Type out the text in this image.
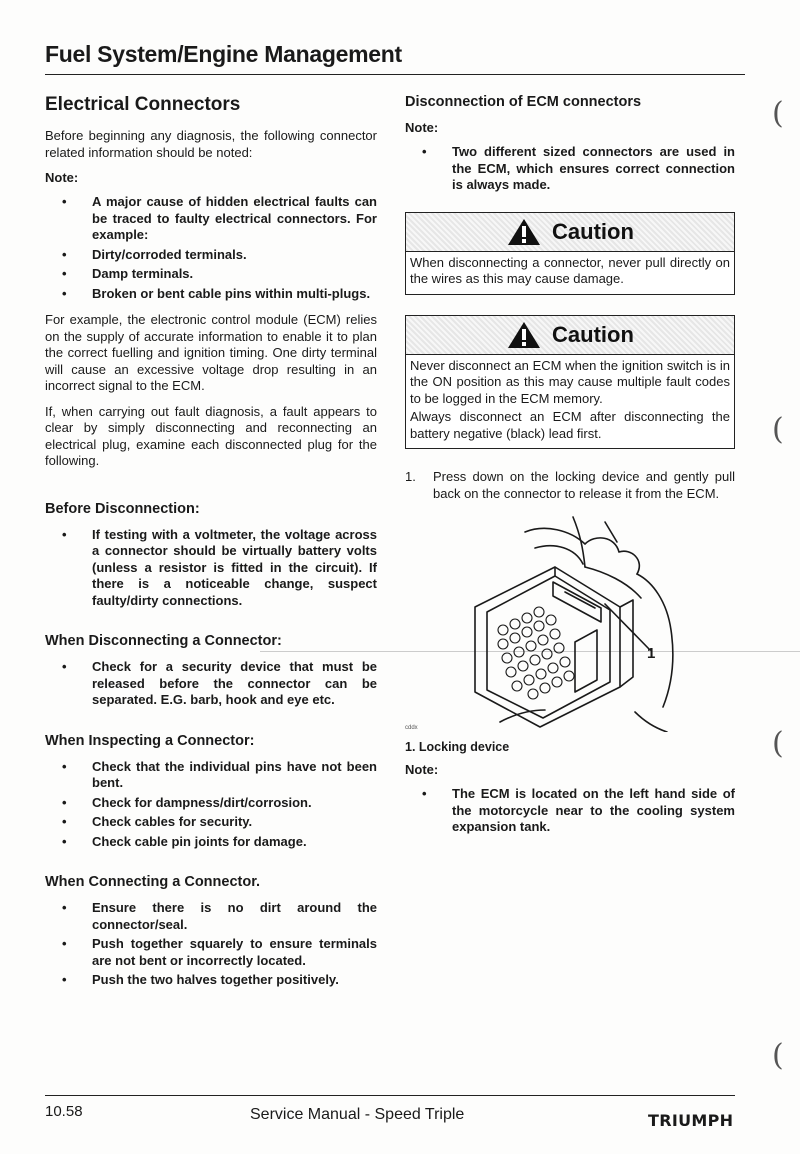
Fuel System/Engine Management
Electrical Connectors

Before beginning any diagnosis, the following connector related information should be noted:

Note:
• A major cause of hidden electrical faults can be traced to faulty electrical connectors. For example:
• Dirty/corroded terminals.
• Damp terminals.
• Broken or bent cable pins within multi-plugs.

For example, the electronic control module (ECM) relies on the supply of accurate information to enable it to plan the correct fuelling and ignition timing. One dirty terminal will cause an excessive voltage drop resulting in an incorrect signal to the ECM.

If, when carrying out fault diagnosis, a fault appears to clear by simply disconnecting and reconnecting an electrical plug, examine each disconnected plug for the following.

Before Disconnection:
• If testing with a voltmeter, the voltage across a connector should be virtually battery volts (unless a resistor is fitted in the circuit). If there is a noticeable change, suspect faulty/dirty connections.
When Disconnecting a Connector:
• Check for a security device that must be released before the connector can be separated. E.G. barb, hook and eye etc.
When Inspecting a Connector:
• Check that the individual pins have not been bent.
• Check for dampness/dirt/corrosion.
• Check cables for security.
• Check cable pin joints for damage.
When Connecting a Connector.
• Ensure there is no dirt around the connector/seal.
• Push together squarely to ensure terminals are not bent or incorrectly located.
• Push the two halves together positively.
Disconnection of ECM connectors
Note:
• Two different sized connectors are used in the ECM, which ensures correct connection is always made.
Caution

When disconnecting a connector, never pull directly on the wires as this may cause damage.

Caution

Never disconnect an ECM when the ignition switch is in the ON position as this may cause multiple fault codes to be logged in the ECM memory.

Always disconnect an ECM after disconnecting the battery negative (black) lead first.

1. Press down on the locking device and gently pull back on the connector to release it from the ECM.
1
cddx
1. Locking device
Note:
• The ECM is located on the left hand side of the motorcycle near to the cooling system expansion tank.
(
(
(
(
10.58	Service Manual - Speed Triple	TRIUMPH
